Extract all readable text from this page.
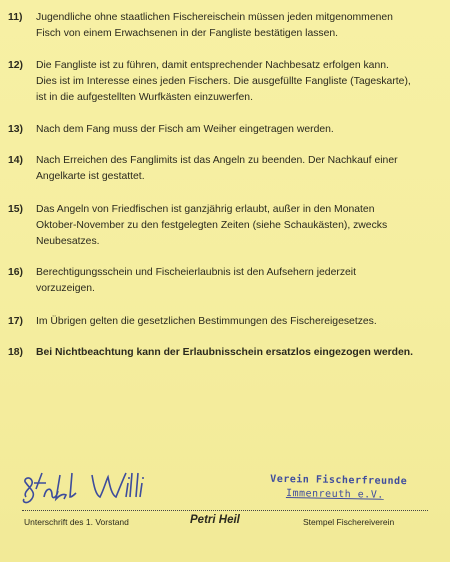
11)	Jugendliche ohne staatlichen Fischereischein müssen jeden mitgenommenen
Fisch von einem Erwachsenen in der Fangliste bestätigen lassen.
12)	Die Fangliste ist zu führen, damit entsprechender Nachbesatz erfolgen kann.
Dies ist im Interesse eines jeden Fischers. Die ausgefüllte Fangliste (Tageskarte),
ist in die aufgestellten Wurfkästen einzuwerfen.
13)	Nach dem Fang muss der Fisch am Weiher eingetragen werden.
14)	Nach Erreichen des Fanglimits ist das Angeln zu beenden. Der Nachkauf einer
Angelkarte ist gestattet.
15)	Das Angeln von Friedfischen ist ganzjährig erlaubt, außer in den Monaten
Oktober-November zu den festgelegten Zeiten (siehe Schaukästen), zwecks
Neubesatzes.
16)	Berechtigungsschein und Fischeierlaubnis ist den Aufsehern jederzeit
vorzuzeigen.
17)	Im Übrigen gelten die gesetzlichen Bestimmungen des Fischereigesetzes.
18)	Bei Nichtbeachtung kann der Erlaubnisschein ersatzlos eingezogen werden.
Verein Fischerfreunde
Immenreuth e.V.
Unterschrift des 1. Vorstand	Petri Heil	Stempel Fischereiverein
